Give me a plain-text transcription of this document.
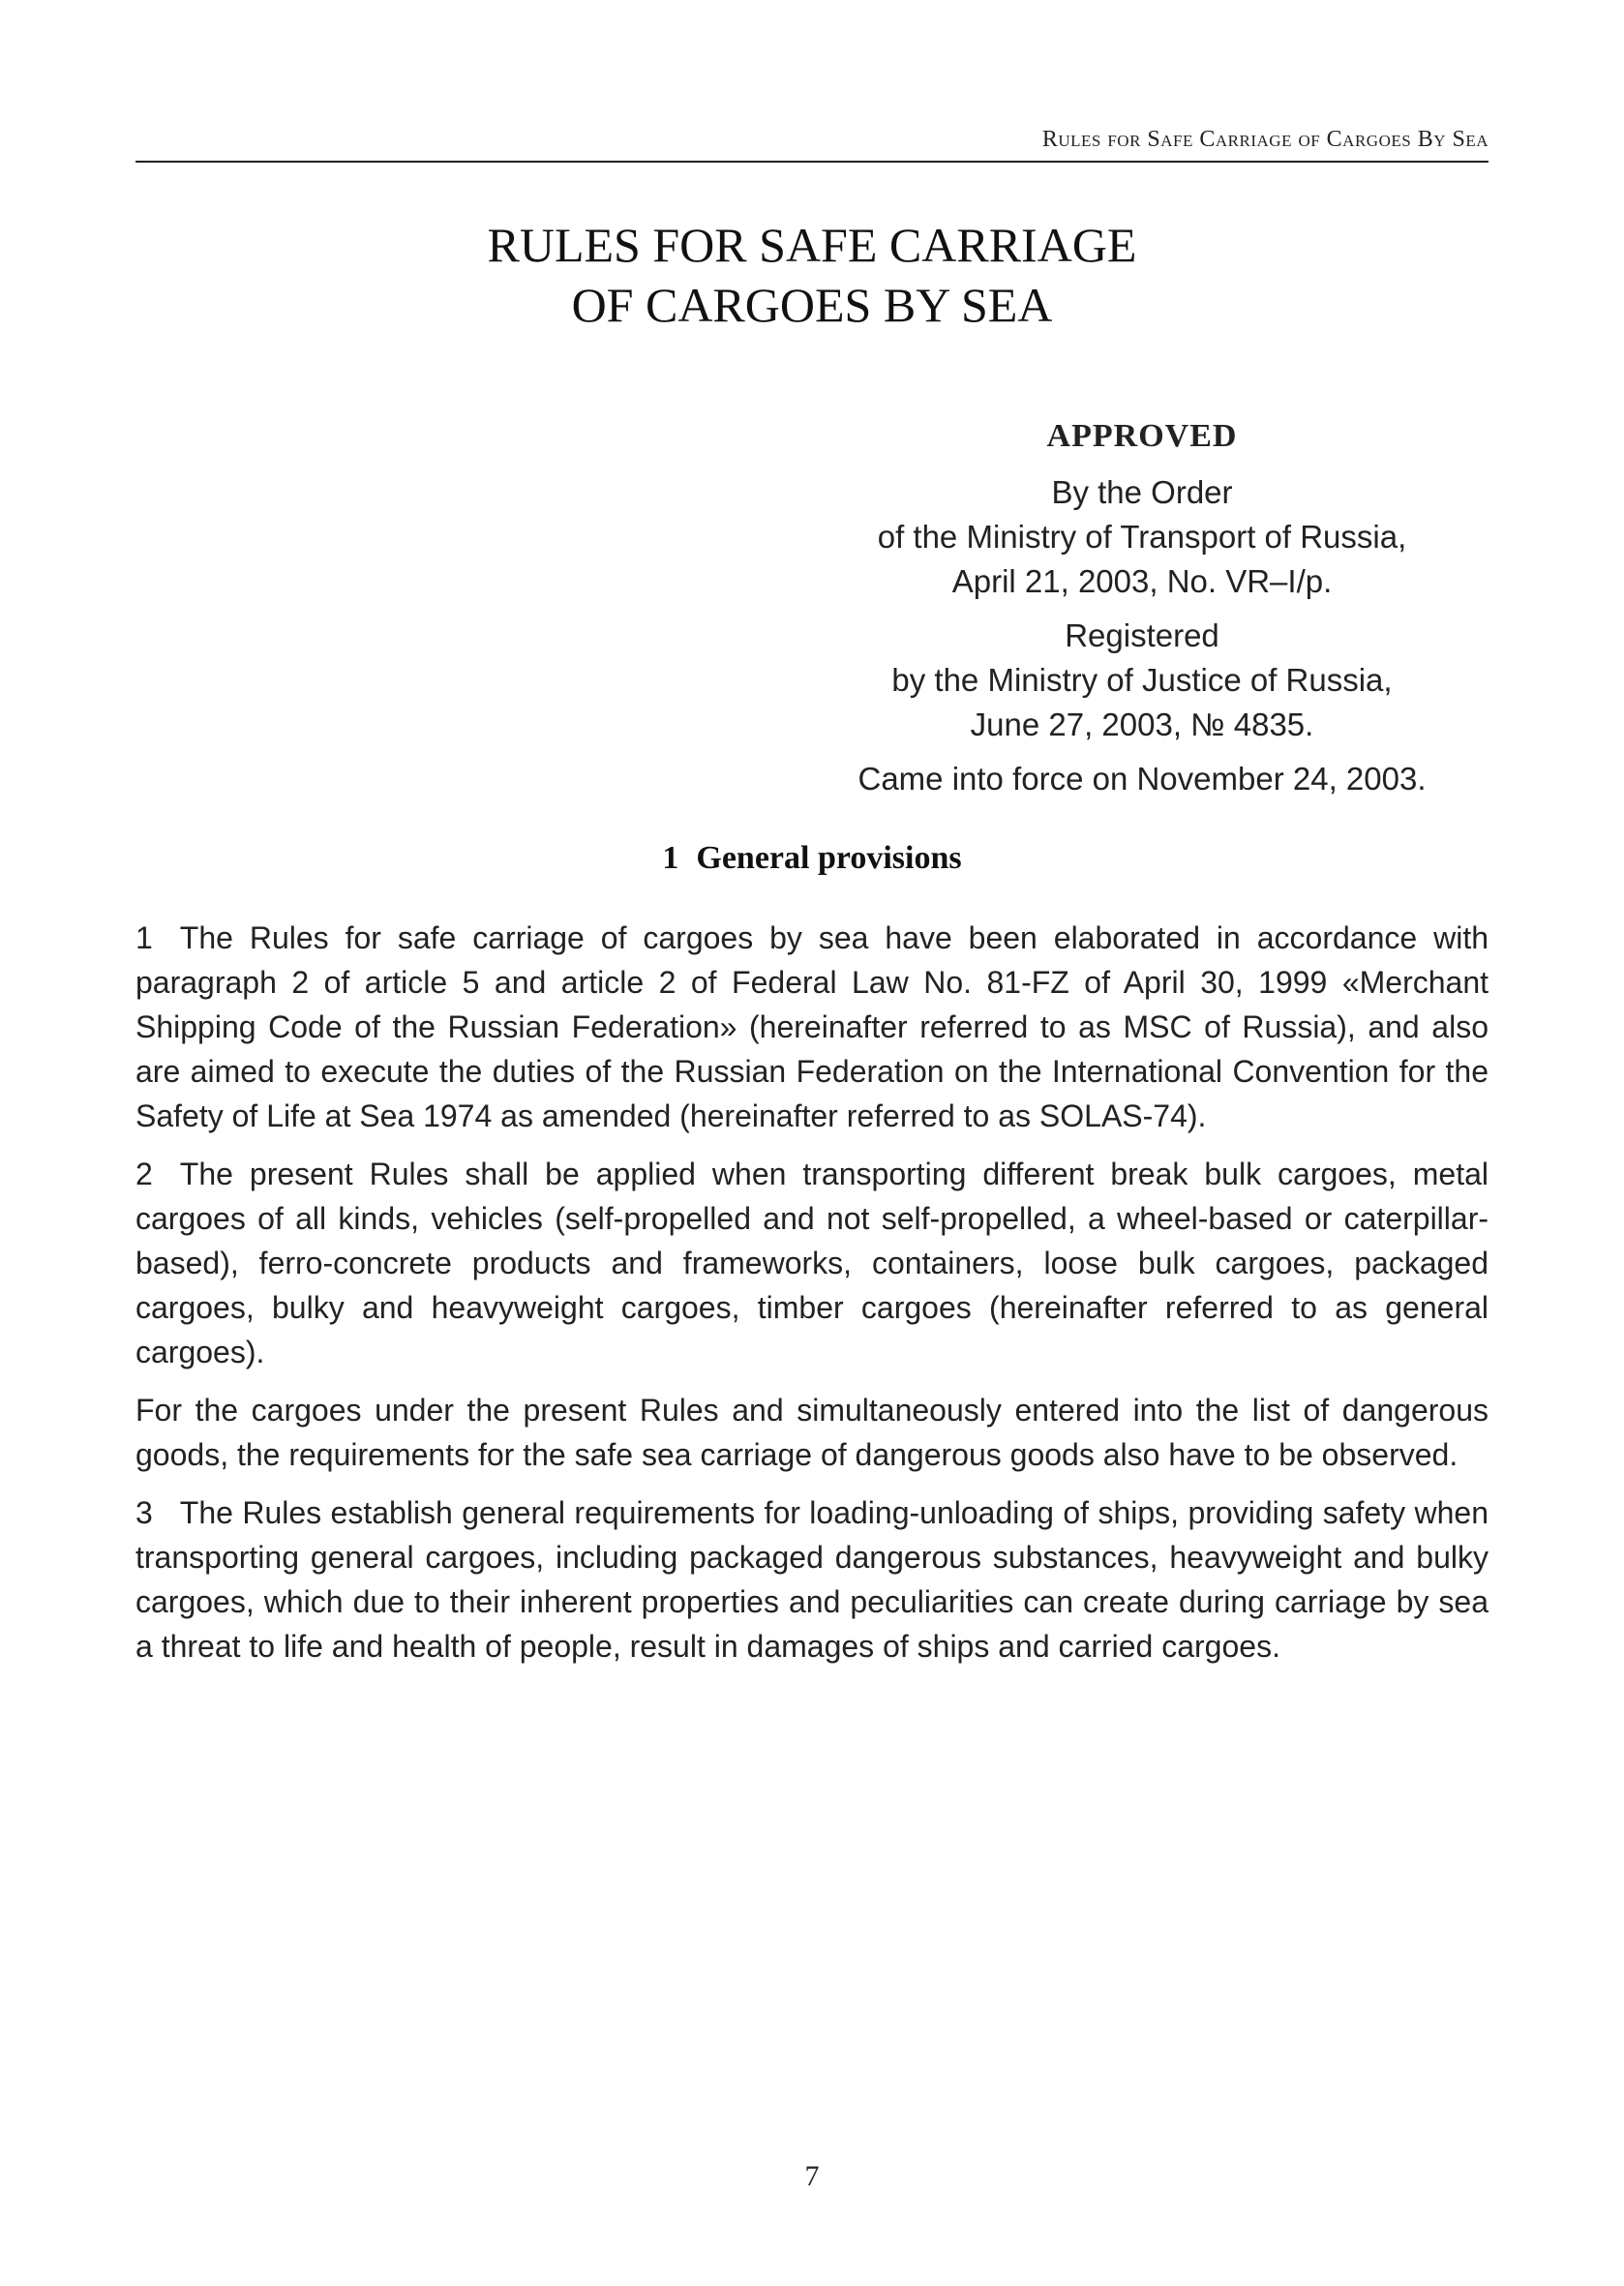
Rules for Safe Carriage of Cargoes By Sea
RULES FOR SAFE CARRIAGE
OF CARGOES BY SEA
APPROVED
By the Order
of the Ministry of Transport of Russia,
April 21, 2003, No. VR–I/p.
Registered
by the Ministry of Justice of Russia,
June 27, 2003, № 4835.
Came into force on November 24, 2003.
1 General provisions

1 The Rules for safe carriage of cargoes by sea have been elaborated in accordance with paragraph 2 of article 5 and article 2 of Federal Law No. 81-FZ of April 30, 1999 «Merchant Shipping Code of the Russian Federation» (hereinafter referred to as MSC of Russia), and also are aimed to execute the duties of the Russian Federation on the International Convention for the Safety of Life at Sea 1974 as amended (hereinafter referred to as SOLAS-74).

2 The present Rules shall be applied when transporting different break bulk cargoes, metal cargoes of all kinds, vehicles (self-propelled and not self-propelled, a wheel-based or caterpillar-based), ferro-concrete products and frameworks, containers, loose bulk cargoes, packaged cargoes, bulky and heavyweight cargoes, timber cargoes (hereinafter referred to as general cargoes).

For the cargoes under the present Rules and simultaneously entered into the list of dangerous goods, the requirements for the safe sea carriage of dangerous goods also have to be observed.

3 The Rules establish general requirements for loading-unloading of ships, providing safety when transporting general cargoes, including packaged dangerous substances, heavyweight and bulky cargoes, which due to their inherent properties and peculiarities can create during carriage by sea a threat to life and health of people, result in damages of ships and carried cargoes.

7
